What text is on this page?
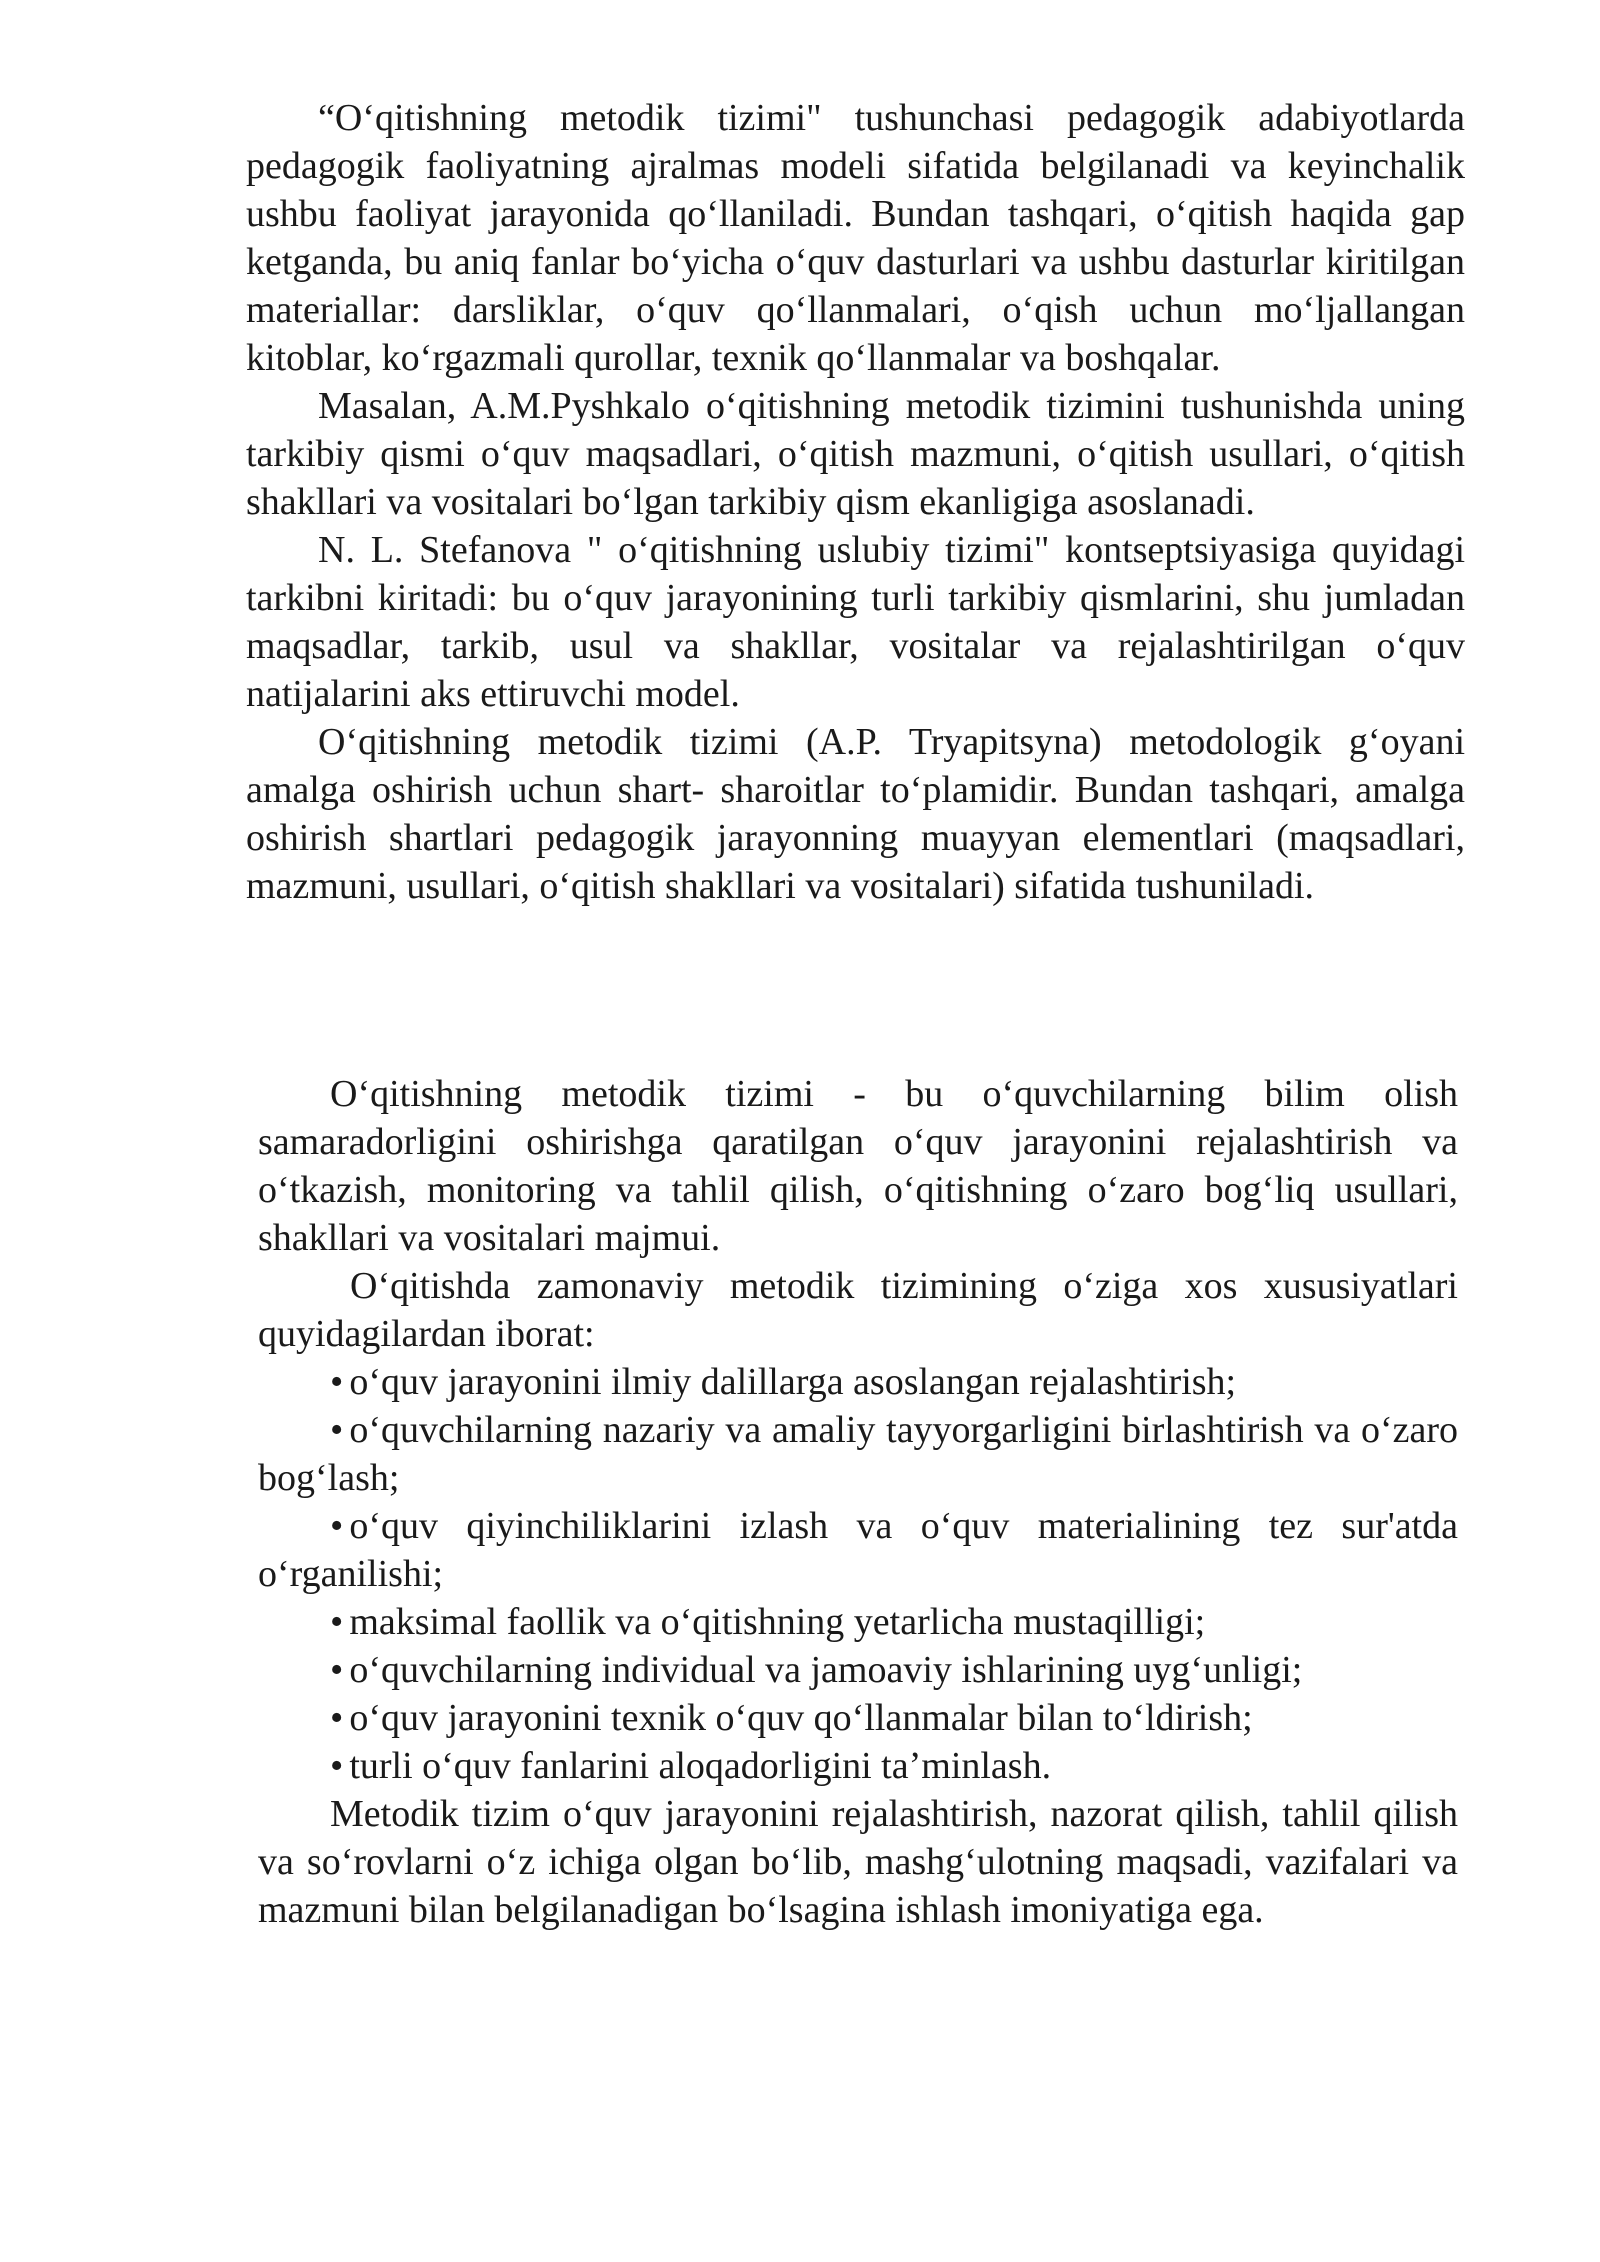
“Oʻqitishning metodik tizimi" tushunchasi pedagogik adabiyotlarda pedagogik faoliyatning ajralmas modeli sifatida belgilanadi va keyinchalik ushbu faoliyat jarayonida qoʻllaniladi. Bundan tashqari, oʻqitish haqida gap ketganda, bu aniq fanlar boʻyicha oʻquv dasturlari va ushbu dasturlar kiritilgan materiallar: darsliklar, oʻquv qoʻllanmalari, oʻqish uchun moʻljallangan kitoblar, koʻrgazmali qurollar, texnik qoʻllanmalar va boshqalar.

Masalan, A.M.Pyshkalo oʻqitishning metodik tizimini tushunishda uning tarkibiy qismi oʻquv maqsadlari, oʻqitish mazmuni, oʻqitish usullari, oʻqitish shakllari va vositalari boʻlgan tarkibiy qism ekanligiga asoslanadi.

N. L. Stefanova " oʻqitishning uslubiy tizimi" kontseptsiyasiga quyidagi tarkibni kiritadi: bu oʻquv jarayonining turli tarkibiy qismlarini, shu jumladan maqsadlar, tarkib, usul va shakllar, vositalar va rejalashtirilgan oʻquv natijalarini aks ettiruvchi model.

Oʻqitishning metodik tizimi (A.P. Tryapitsyna) metodologik gʻoyani amalga oshirish uchun shart- sharoitlar toʻplamidir. Bundan tashqari, amalga oshirish shartlari pedagogik jarayonning muayyan elementlari (maqsadlari, mazmuni, usullari, oʻqitish shakllari va vositalari) sifatida tushuniladi.

Oʻqitishning metodik tizimi - bu oʻquvchilarning bilim olish samaradorligini oshirishga qaratilgan oʻquv jarayonini rejalashtirish va oʻtkazish, monitoring va tahlil qilish, oʻqitishning oʻzaro bogʻliq usullari, shakllari va vositalari majmui.

Oʻqitishda zamonaviy metodik tizimining oʻziga xos xususiyatlari quyidagilardan iborat:

• oʻquv jarayonini ilmiy dalillarga asoslangan rejalashtirish;
• oʻquvchilarning nazariy va amaliy tayyorgarligini birlashtirish va oʻzaro bogʻlash;
• oʻquv qiyinchiliklarini izlash va oʻquv materialining tez sur'atda oʻrganilishi;
• maksimal faollik va oʻqitishning yetarlicha mustaqilligi;
• oʻquvchilarning individual va jamoaviy ishlarining uygʻunligi;
• oʻquv jarayonini texnik oʻquv qoʻllanmalar bilan toʻldirish;
• turli oʻquv fanlarini aloqadorligini taʼminlash.

Metodik tizim oʻquv jarayonini rejalashtirish, nazorat qilish, tahlil qilish va soʻrovlarni oʻz ichiga olgan boʻlib, mashgʻulotning maqsadi, vazifalari va mazmuni bilan belgilanadigan boʻlsagina ishlash imoniyatiga ega.
